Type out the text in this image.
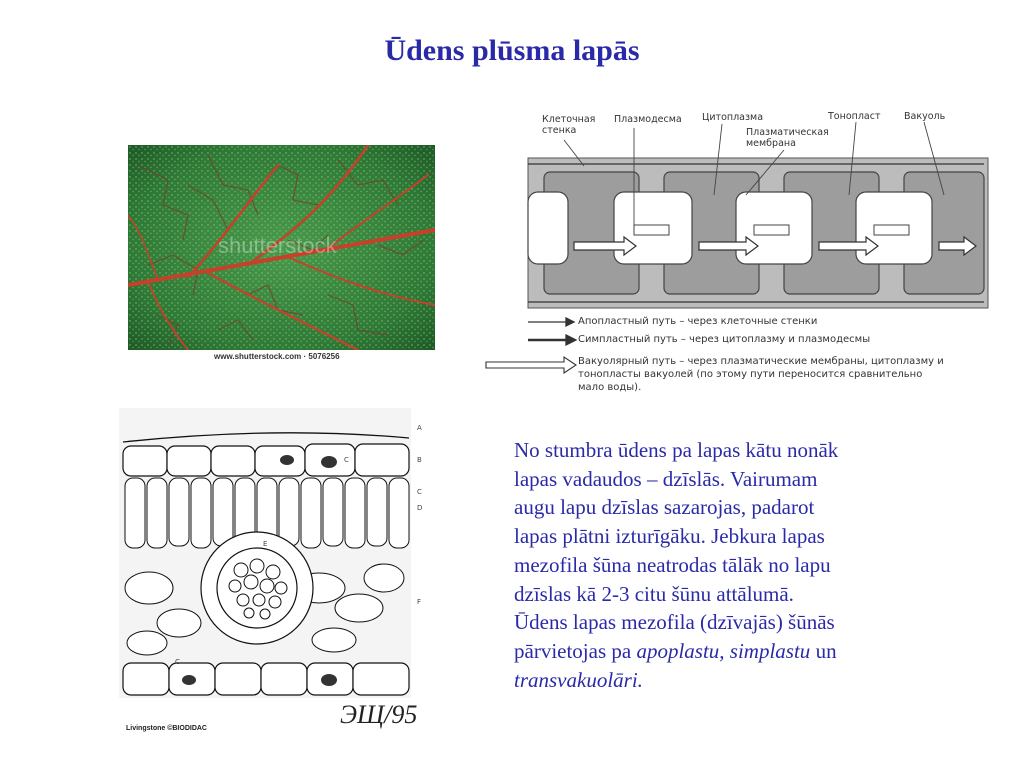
Ūdens plūsma lapās
shutterstock
www.shutterstock.com · 5076256
Клеточная
стенка
Плазмодесма Цитоплазма
Плазматическая
мембрана
Тонопласт Вакуоль
Апопластный путь – через клеточные стенки
Симпластный путь – через цитоплазму и плазмодесмы
Вакуолярный путь – через плазматические мембраны, цитоплазму и
тонопласты вакуолей (по этому пути переносится сравнительно
мало воды).
A
B
C
C
D
E
F
C
Livingstone ©BIODIDAC	ЭЩ/95
No stumbra ūdens pa lapas kātu nonāk
lapas vadaudos – dzīslās. Vairumam
augu lapu dzīslas sazarojas, padarot
lapas plātni izturīgāku. Jebkura lapas
mezofila šūna neatrodas tālāk no lapu
dzīslas kā 2-3 citu šūnu attālumā.
Ūdens lapas mezofila (dzīvajās) šūnās
pārvietojas pa apoplastu, simplastu un
transvakuolāri.
